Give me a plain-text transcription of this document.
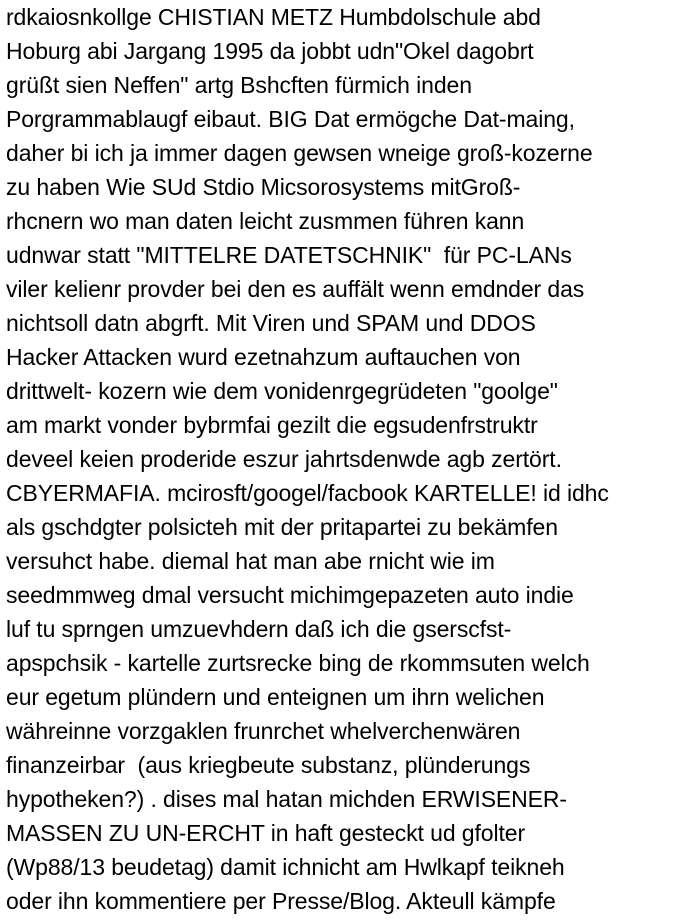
rdkaiosnkollge CHISTIAN METZ Humbdolschule abd
Hoburg abi Jargang 1995 da jobbt udn"Okel dagobrt
grüßt sien Neffen" artg Bshcften fürmich inden
Porgrammablaugf eibaut. BIG Dat ermögche Dat-maing,
daher bi ich ja immer dagen gewsen wneige groß-kozerne
zu haben Wie SUd Stdio Micsorosystems mitGroß-
rhcnern wo man daten leicht zusmmen führen kann
udnwar statt "MITTELRE DATETSCHNIK"  für PC-LANs
viler kelienr provder bei den es auffält wenn emdnder das
nichtsoll datn abgrft. Mit Viren und SPAM und DDOS
Hacker Attacken wurd ezetnahzum auftauchen von
drittwelt- kozern wie dem vonidenrgegrüdeten "goolge"
am markt vonder bybrmfai gezilt die egsudenfrstruktr
deveel keien proderide eszur jahrtsdenwde agb zertört.
CBYERMAFIA. mcirosft/googel/facbook KARTELLE! id idhc
als gschdgter polsicteh mit der pritapartei zu bekämfen
versuhct habe. diemal hat man abe rnicht wie im
seedmmweg dmal versucht michimgepazeten auto indie
luf tu sprngen umzuevhdern daß ich die gserscfst-
apspchsik - kartelle zurtsrecke bing de rkommsuten welch
eur egetum plündern und enteignen um ihrn welichen
währeinne vorzgaklen frunrchet whelverchenwären
finanzeirbar  (aus kriegbeute substanz, plünderungs
hypotheken?) . dises mal hatan michden ERWISENER-
MASSEN ZU UN-ERCHT in haft gesteckt ud gfolter
(Wp88/13 beudetag) damit ichnicht am Hwlkapf teikneh
oder ihn kommentiere per Presse/Blog. Akteull kämpfe
